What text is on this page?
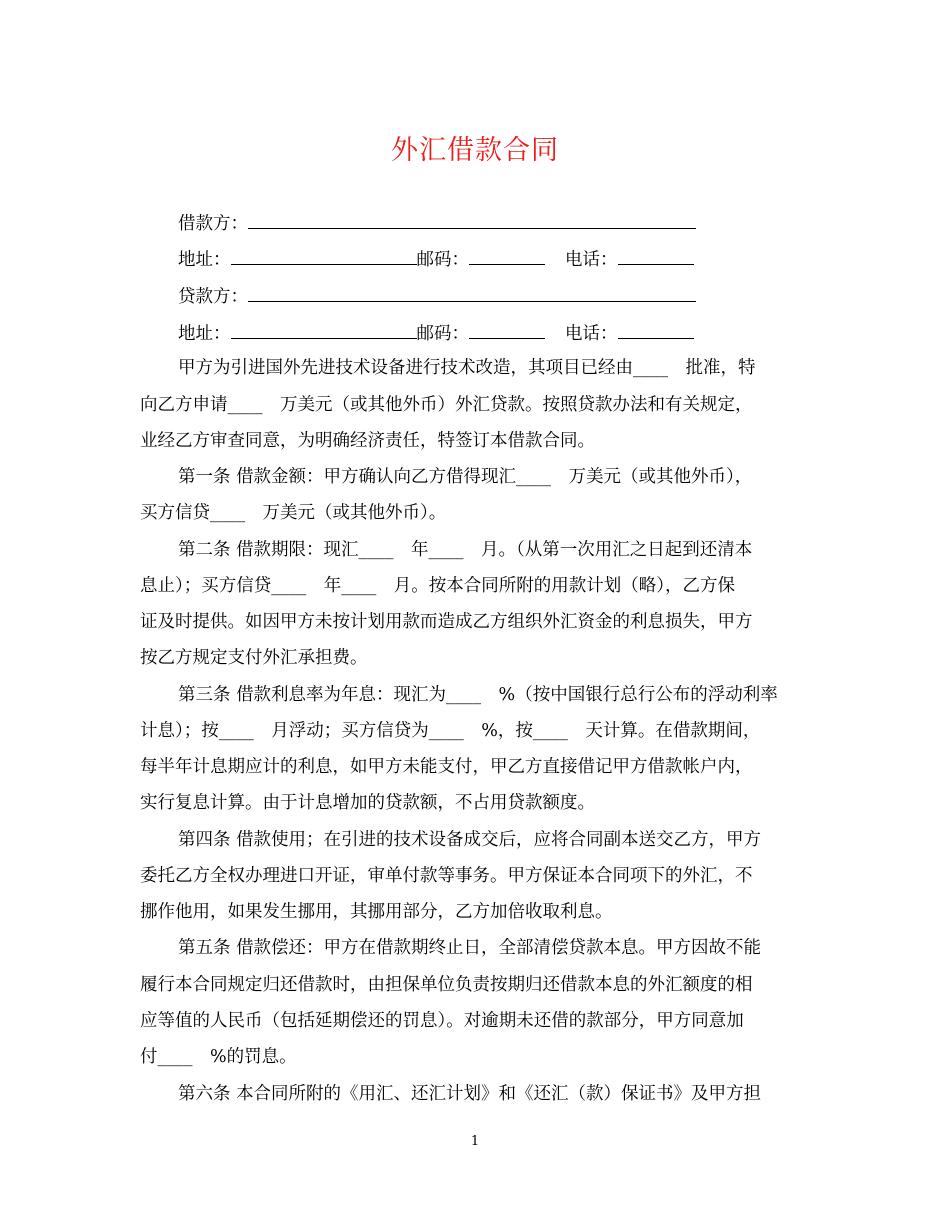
外汇借款合同
借款方：
地址：	邮码：	电话：
贷款方：
地址：	邮码：	电话：
甲方为引进国外先进技术设备进行技术改造，其项目已经由____　批准，特
向乙方申请____　万美元（或其他外币）外汇贷款。按照贷款办法和有关规定，
业经乙方审查同意，为明确经济责任，特签订本借款合同。
第一条 借款金额：甲方确认向乙方借得现汇____　万美元（或其他外币），
买方信贷____　万美元（或其他外币）。
第二条 借款期限：现汇____　年____　月。（从第一次用汇之日起到还清本
息止）；买方信贷____　年____　月。按本合同所附的用款计划（略），乙方保
证及时提供。如因甲方未按计划用款而造成乙方组织外汇资金的利息损失，甲方
按乙方规定支付外汇承担费。
第三条 借款利息率为年息：现汇为____　%（按中国银行总行公布的浮动利率
计息）；按____　月浮动；买方信贷为____　%，按____　天计算。在借款期间，
每半年计息期应计的利息，如甲方未能支付，甲乙方直接借记甲方借款帐户内，
实行复息计算。由于计息增加的贷款额，不占用贷款额度。
第四条 借款使用；在引进的技术设备成交后，应将合同副本送交乙方，甲方
委托乙方全权办理进口开证，审单付款等事务。甲方保证本合同项下的外汇，不
挪作他用，如果发生挪用，其挪用部分，乙方加倍收取利息。
第五条 借款偿还：甲方在借款期终止日，全部清偿贷款本息。甲方因故不能
履行本合同规定归还借款时，由担保单位负责按期归还借款本息的外汇额度的相
应等值的人民币（包括延期偿还的罚息）。对逾期未还借的款部分，甲方同意加
付____　%的罚息。
第六条 本合同所附的《用汇、还汇计划》和《还汇（款）保证书》及甲方担
1
